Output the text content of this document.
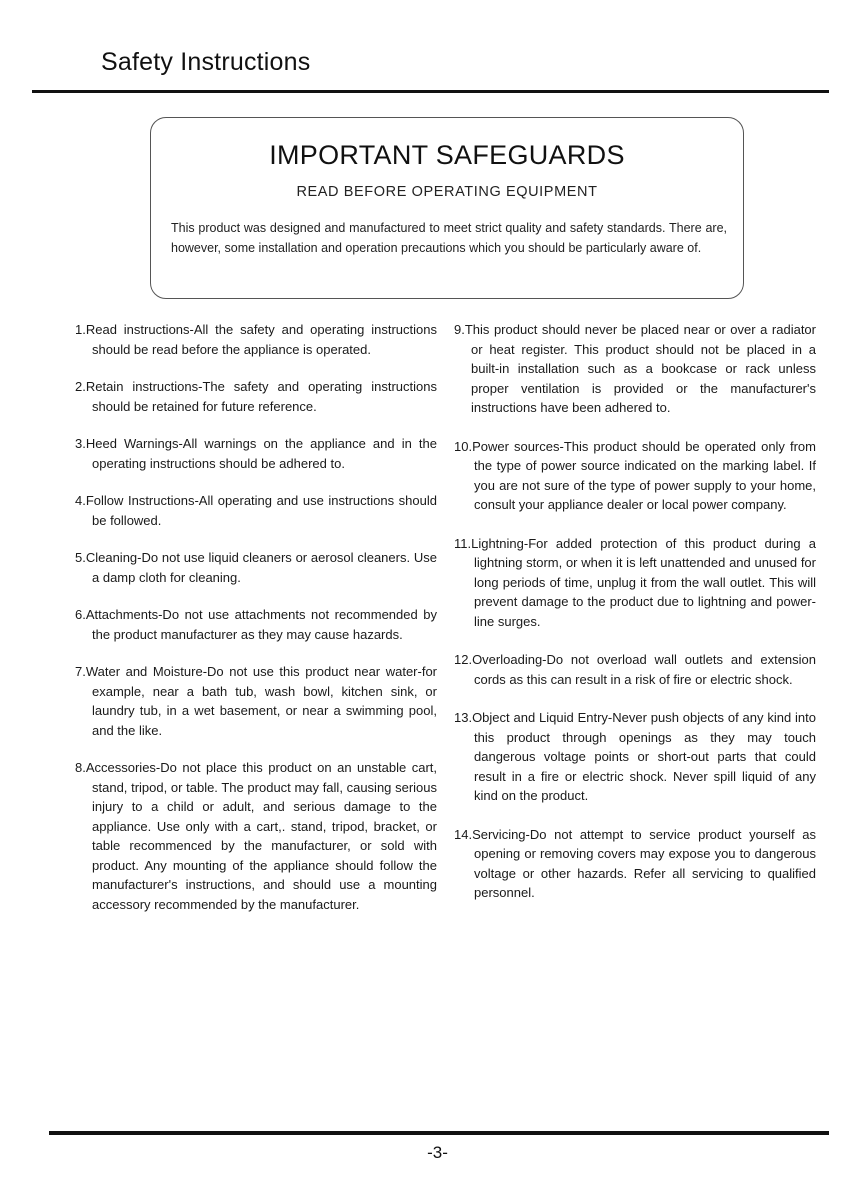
Safety Instructions
IMPORTANT SAFEGUARDS
READ BEFORE OPERATING EQUIPMENT
This product was designed and manufactured to meet strict quality and safety standards. There are, however, some installation and operation precautions which you should be particularly aware of.
1.Read instructions-All the safety and operating instructions should be read before the appliance is operated.
2.Retain instructions-The safety and operating instructions should be retained for future reference.
3.Heed Warnings-All warnings on the appliance and in the operating instructions should be adhered to.
4.Follow Instructions-All operating and use instructions should be followed.
5.Cleaning-Do not use liquid cleaners or aerosol cleaners. Use a damp cloth for cleaning.
6.Attachments-Do not use attachments not recommended by the product manufacturer as they may cause hazards.
7.Water and Moisture-Do not use this product near water-for example, near a bath tub, wash bowl, kitchen sink, or laundry tub, in a wet basement, or near a swimming pool, and the like.
8.Accessories-Do not place this product on an unstable cart, stand, tripod, or table. The product may fall, causing serious injury to a child or adult, and serious damage to the appliance. Use only with a cart,. stand, tripod, bracket, or table recommenced by the manufacturer, or sold with product. Any mounting of the appliance should follow the manufacturer's instructions, and should use a mounting accessory recommended by the manufacturer.
9.This product should never be placed near or over a radiator or heat register. This product should not be placed in a built-in installation such as a bookcase or rack unless proper ventilation is provided or the manufacturer's instructions have been adhered to.
10.Power sources-This product should be operated only from the type of power source indicated on the marking label. If you are not sure of the type of power supply to your home, consult your appliance dealer or local power company.
11.Lightning-For added protection of this product during a lightning storm, or when it is left unattended and unused for long periods of time, unplug it from the wall outlet. This will prevent damage to the product due to lightning and power-line surges.
12.Overloading-Do not overload wall outlets and extension cords as this can result in a risk of fire or electric shock.
13.Object and Liquid Entry-Never push objects of any kind into this product through openings as they may touch dangerous voltage points or short-out parts that could result in a fire or electric shock. Never spill liquid of any kind on the product.
14.Servicing-Do not attempt to service product yourself as opening or removing covers may expose you to dangerous voltage or other hazards. Refer all servicing to qualified personnel.
-3-
